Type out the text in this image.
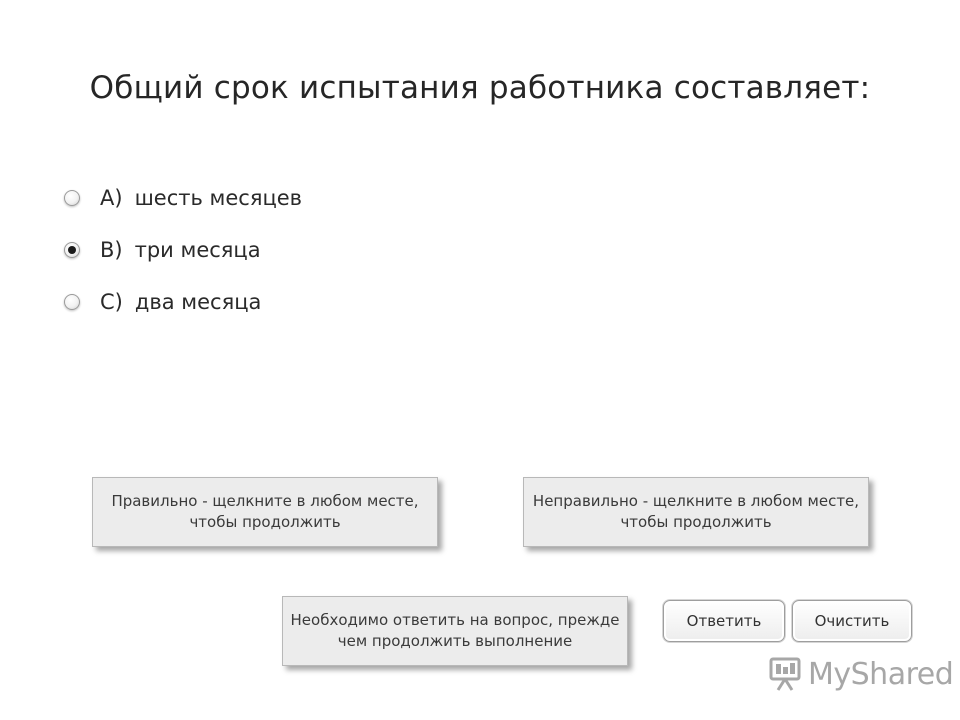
Общий срок испытания работника составляет:
A) шесть месяцев
B) три месяца
C) два месяца
Правильно - щелкните в любом месте, чтобы продолжить
Неправильно - щелкните в любом месте, чтобы продолжить
Необходимо ответить на вопрос, прежде чем продолжить выполнение
Ответить	Очистить
MyShared
